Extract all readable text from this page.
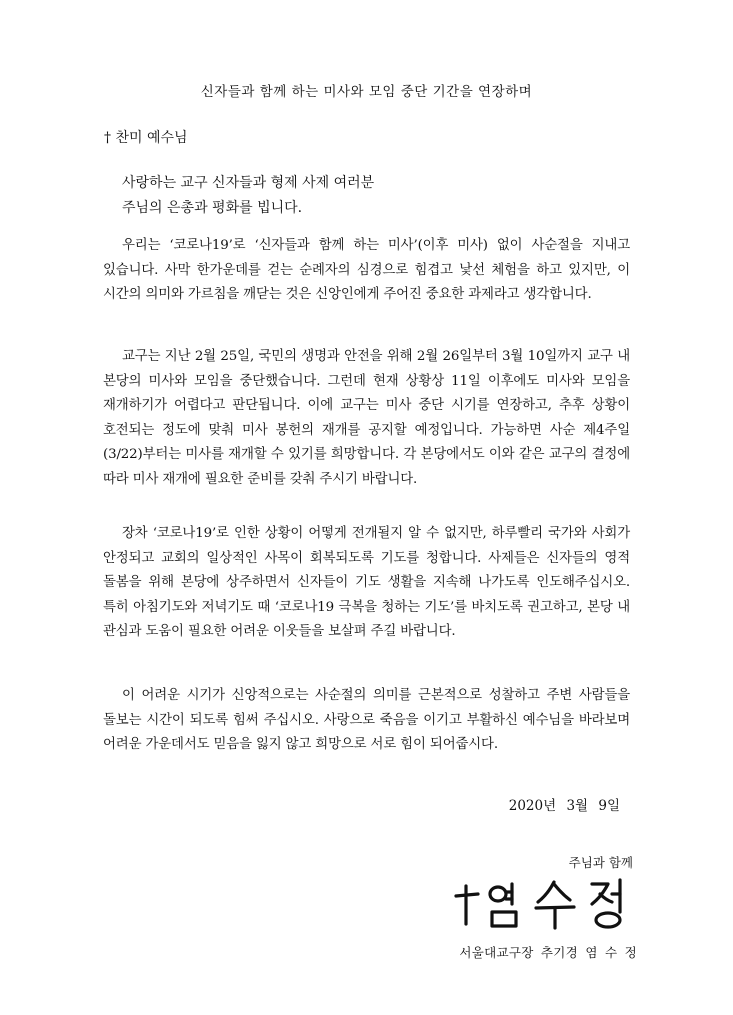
신자들과 함께 하는 미사와 모임 중단 기간을 연장하며
† 찬미 예수님
사랑하는 교구 신자들과 형제 사제 여러분
주님의 은총과 평화를 빕니다.

우리는 ‘코로나19’로 ‘신자들과 함께 하는 미사’(이후 미사) 없이 사순절을 지내고 있습니다. 사막 한가운데를 걷는 순례자의 심경으로 힘겹고 낯선 체험을 하고 있지만, 이 시간의 의미와 가르침을 깨닫는 것은 신앙인에게 주어진 중요한 과제라고 생각합니다.

교구는 지난 2월 25일, 국민의 생명과 안전을 위해 2월 26일부터 3월 10일까지 교구 내 본당의 미사와 모임을 중단했습니다. 그런데 현재 상황상 11일 이후에도 미사와 모임을 재개하기가 어렵다고 판단됩니다. 이에 교구는 미사 중단 시기를 연장하고, 추후 상황이 호전되는 정도에 맞춰 미사 봉헌의 재개를 공지할 예정입니다. 가능하면 사순 제4주일(3/22)부터는 미사를 재개할 수 있기를 희망합니다. 각 본당에서도 이와 같은 교구의 결정에 따라 미사 재개에 필요한 준비를 갖춰 주시기 바랍니다.

장차 ‘코로나19’로 인한 상황이 어떻게 전개될지 알 수 없지만, 하루빨리 국가와 사회가 안정되고 교회의 일상적인 사목이 회복되도록 기도를 청합니다. 사제들은 신자들의 영적 돌봄을 위해 본당에 상주하면서 신자들이 기도 생활을 지속해 나가도록 인도해주십시오. 특히 아침기도와 저녁기도 때 ‘코로나19 극복을 청하는 기도’를 바치도록 권고하고, 본당 내 관심과 도움이 필요한 어려운 이웃들을 보살펴 주길 바랍니다.

이 어려운 시기가 신앙적으로는 사순절의 의미를 근본적으로 성찰하고 주변 사람들을 돌보는 시간이 되도록 힘써 주십시오. 사랑으로 죽음을 이기고 부활하신 예수님을 바라보며 어려운 가운데서도 믿음을 잃지 않고 희망으로 서로 힘이 되어줍시다.

2020년 3월 9일
주님과 함께
서울대교구장 추기경 염 수 정
